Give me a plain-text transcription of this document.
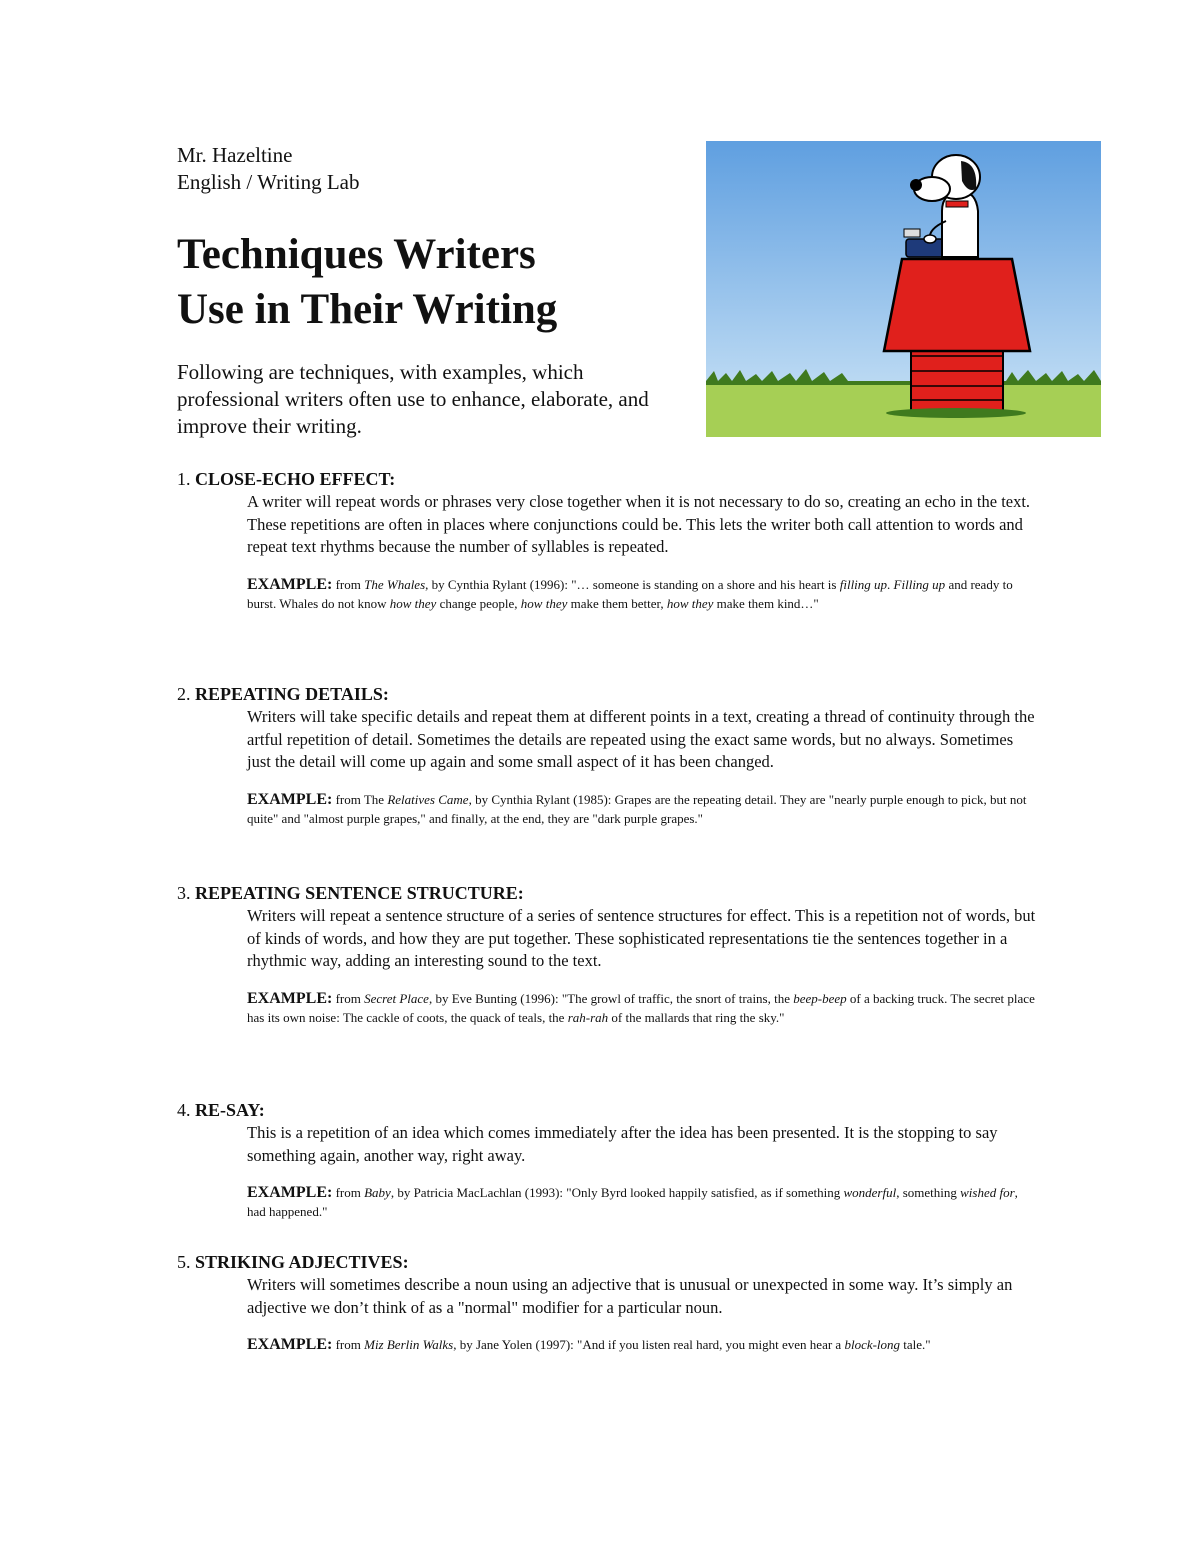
Mr. Hazeltine
English / Writing Lab
Techniques Writers
Use in Their Writing

Following are techniques, with examples, which professional writers often use to enhance, elaborate, and improve their writing.

1. CLOSE-ECHO EFFECT:
A writer will repeat words or phrases very close together when it is not necessary to do so, creating an echo in the text. These repetitions are often in places where conjunctions could be. This lets the writer both call attention to words and repeat text rhythms because the number of syllables is repeated.
EXAMPLE: from The Whales, by Cynthia Rylant (1996): "… someone is standing on a shore and his heart is filling up. Filling up and ready to burst. Whales do not know how they change people, how they make them better, how they make them kind…"
2. REPEATING DETAILS:
Writers will take specific details and repeat them at different points in a text, creating a thread of continuity through the artful repetition of detail. Sometimes the details are repeated using the exact same words, but no always. Sometimes just the detail will come up again and some small aspect of it has been changed.
EXAMPLE: from The Relatives Came, by Cynthia Rylant (1985): Grapes are the repeating detail. They are "nearly purple enough to pick, but not quite" and "almost purple grapes," and finally, at the end, they are "dark purple grapes."
3. REPEATING SENTENCE STRUCTURE:
Writers will repeat a sentence structure of a series of sentence structures for effect. This is a repetition not of words, but of kinds of words, and how they are put together. These sophisticated representations tie the sentences together in a rhythmic way, adding an interesting sound to the text.
EXAMPLE: from Secret Place, by Eve Bunting (1996): "The growl of traffic, the snort of trains, the beep-beep of a backing truck. The secret place has its own noise: The cackle of coots, the quack of teals, the rah-rah of the mallards that ring the sky."
4. RE-SAY:
This is a repetition of an idea which comes immediately after the idea has been presented. It is the stopping to say something again, another way, right away.
EXAMPLE: from Baby, by Patricia MacLachlan (1993): "Only Byrd looked happily satisfied, as if something wonderful, something wished for, had happened."
5. STRIKING ADJECTIVES:
Writers will sometimes describe a noun using an adjective that is unusual or unexpected in some way. It’s simply an adjective we don’t think of as a "normal" modifier for a particular noun.
EXAMPLE: from Miz Berlin Walks, by Jane Yolen (1997): "And if you listen real hard, you might even hear a block-long tale."
